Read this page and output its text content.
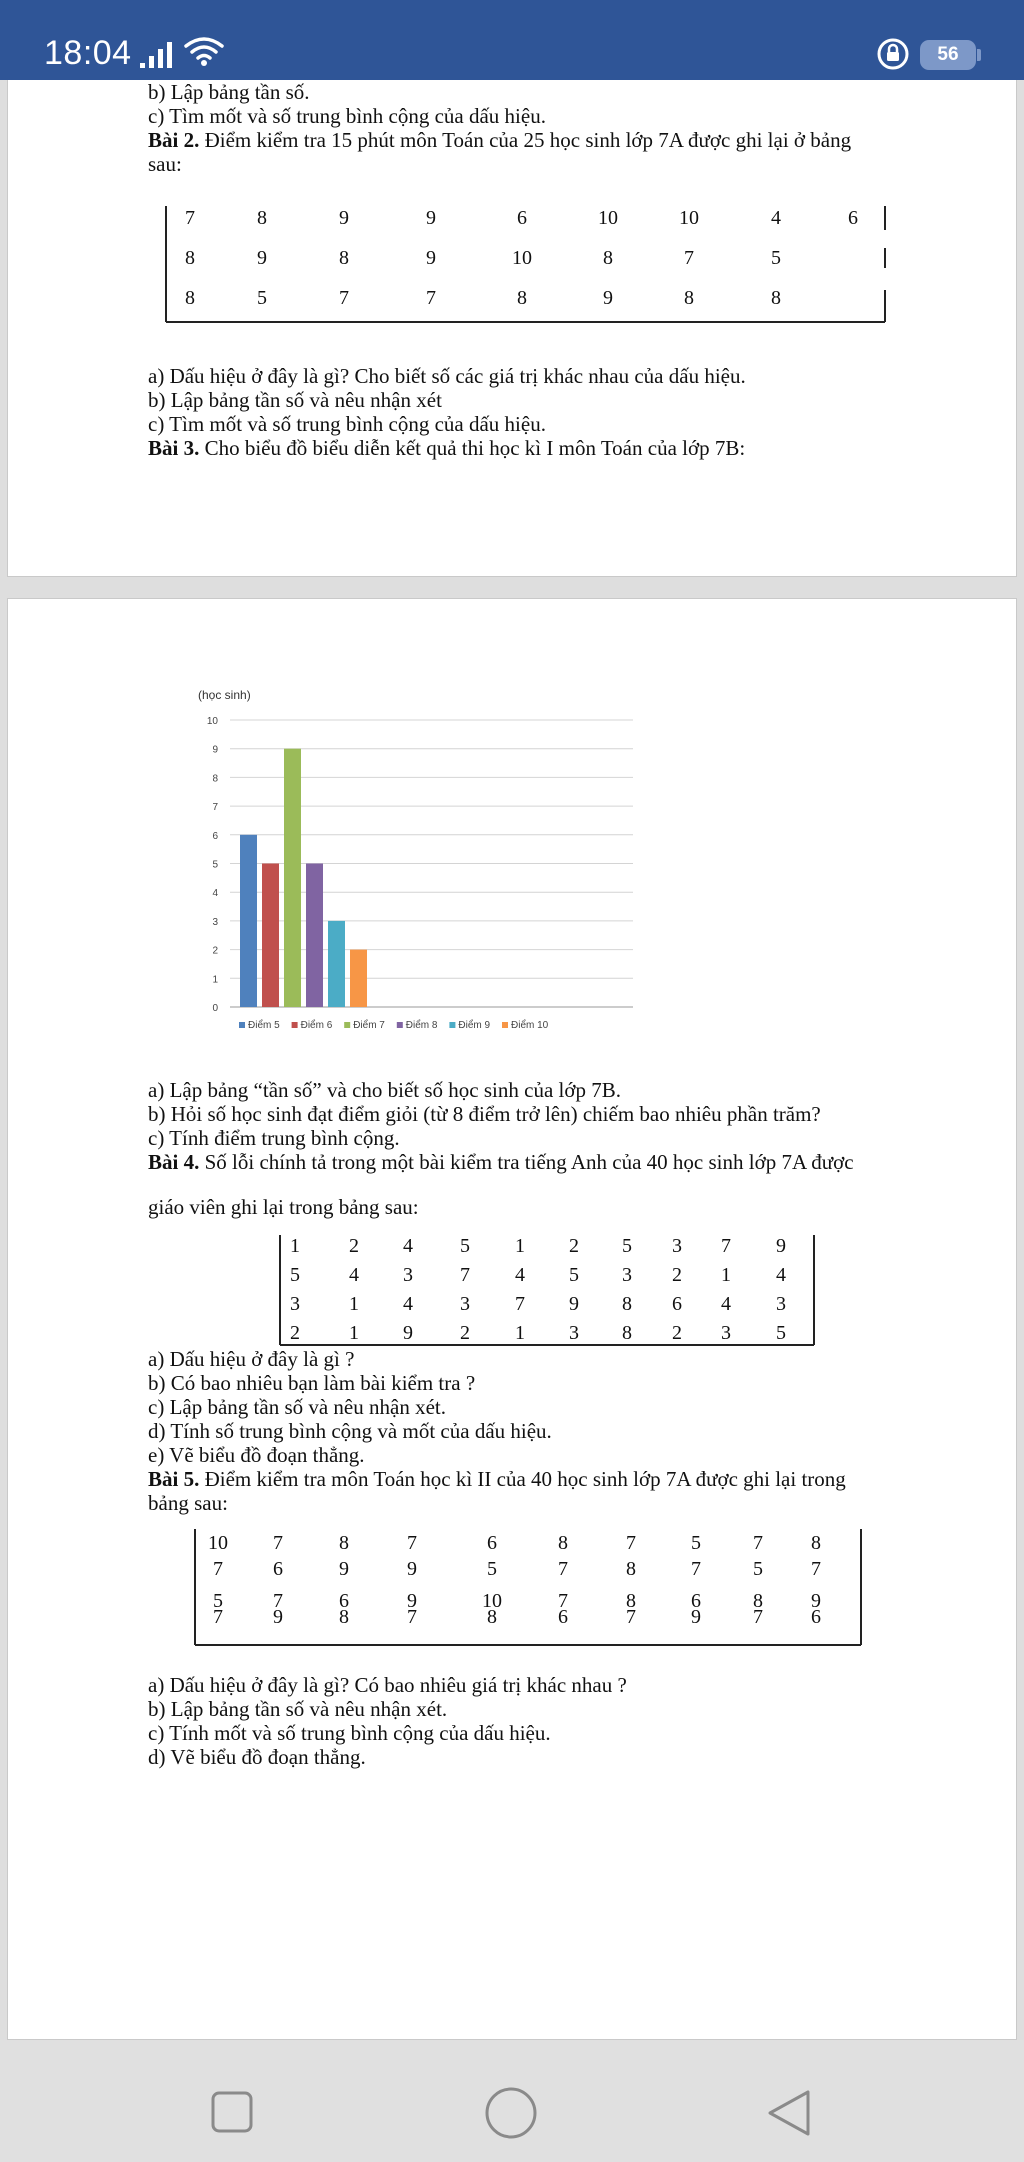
18:04	56
b) Lập bảng tần số.
c) Tìm mốt và số trung bình cộng của dấu hiệu.
Bài 2. Điểm kiểm tra 15 phút môn Toán của 25 học sinh lớp 7A được ghi lại ở bảng
sau:
7	8	9	9	6	10	10	4	6
8	9	8	9	10	8	7	5
8	5	7	7	8	9	8	8
a) Dấu hiệu ở đây là gì? Cho biết số các giá trị khác nhau của dấu hiệu.
b) Lập bảng tần số và nêu nhận xét
c) Tìm mốt và số trung bình cộng của dấu hiệu.
Bài 3. Cho biểu đồ biểu diễn kết quả thi học kì I môn Toán của lớp 7B:
(học sinh)
0
1
2
3
4
5
6
7
8
9
10
Điểm 5 Điểm 6 Điểm 7 Điểm 8 Điểm 9 Điểm 10
a) Lập bảng “tần số” và cho biết số học sinh của lớp 7B.
b) Hỏi số học sinh đạt điểm giỏi (từ 8 điểm trở lên) chiếm bao nhiêu phần trăm?
c) Tính điểm trung bình cộng.
Bài 4. Số lỗi chính tả trong một bài kiểm tra tiếng Anh của 40 học sinh lớp 7A được
giáo viên ghi lại trong bảng sau:
1	2	4	5	1	2	5	3	7	9
5	4	3	7	4	5	3	2	1	4
3	1	4	3	7	9	8	6	4	3
2	1	9	2	1	3	8	2	3	5
a) Dấu hiệu ở đây là gì ?
b) Có bao nhiêu bạn làm bài kiểm tra ?
c) Lập bảng tần số và nêu nhận xét.
d) Tính số trung bình cộng và mốt của dấu hiệu.
e) Vẽ biểu đồ đoạn thẳng.
Bài 5. Điểm kiểm tra môn Toán học kì II của 40 học sinh lớp 7A được ghi lại trong
bảng sau:
10	7	8	7	6	8	7	5	7	8
7	6	9	9	5	7	8	7	5	7
5	7	6	9	10	7	8	6	8	9
7	9	8	7	8	6	7	9	7	6
a) Dấu hiệu ở đây là gì? Có bao nhiêu giá trị khác nhau ?
b) Lập bảng tần số và nêu nhận xét.
c) Tính mốt và số trung bình cộng của dấu hiệu.
d) Vẽ biểu đồ đoạn thẳng.
